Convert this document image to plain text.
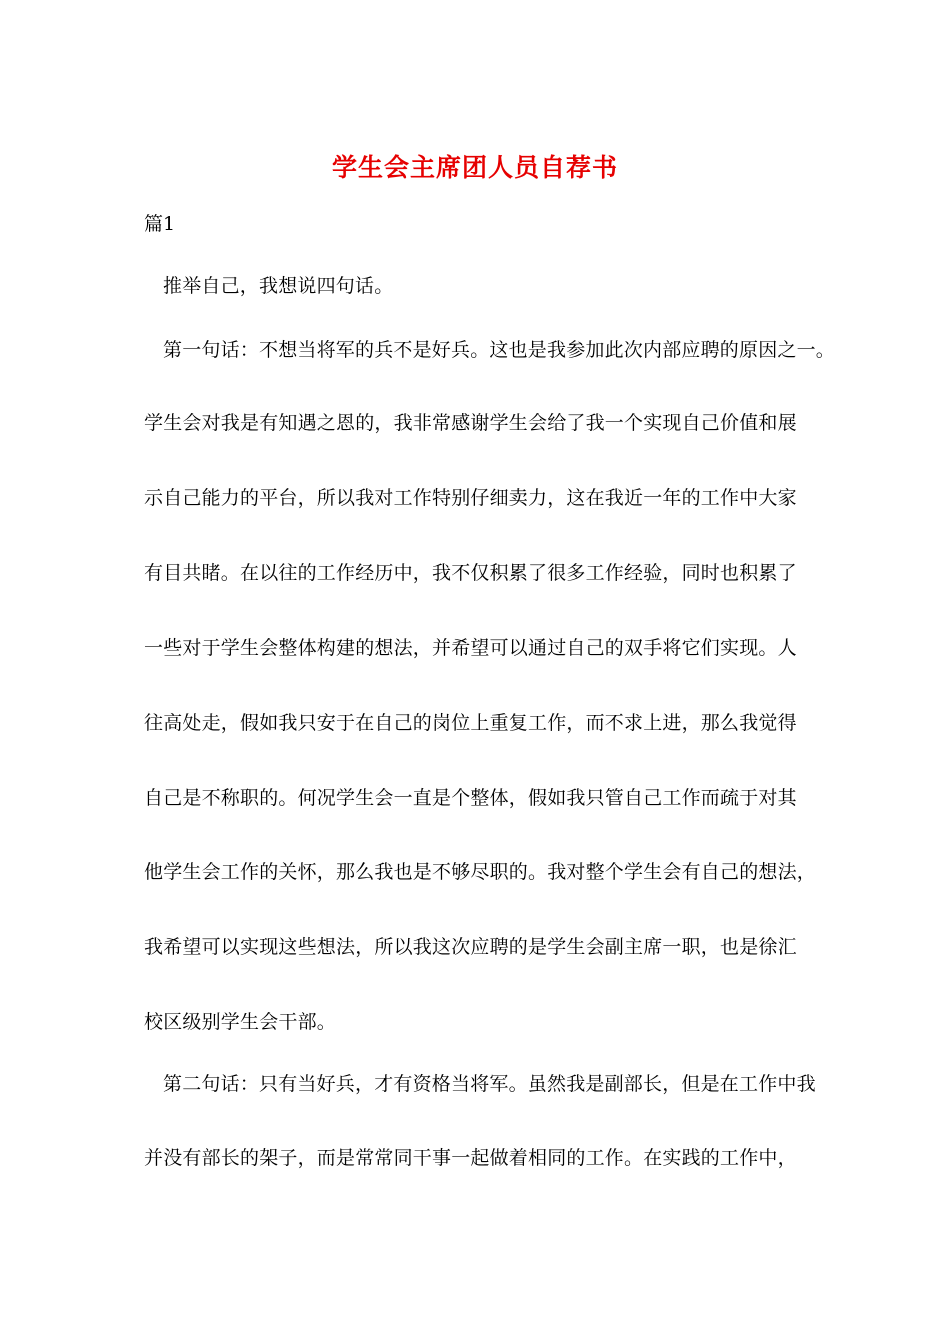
学生会主席团人员自荐书
篇1
推举自己，我想说四句话。
第一句话：不想当将军的兵不是好兵。这也是我参加此次内部应聘的原因之一。
学生会对我是有知遇之恩的，我非常感谢学生会给了我一个实现自己价值和展
示自己能力的平台，所以我对工作特别仔细卖力，这在我近一年的工作中大家
有目共睹。在以往的工作经历中，我不仅积累了很多工作经验，同时也积累了
一些对于学生会整体构建的想法，并希望可以通过自己的双手将它们实现。人
往高处走，假如我只安于在自己的岗位上重复工作，而不求上进，那么我觉得
自己是不称职的。何况学生会一直是个整体，假如我只管自己工作而疏于对其
他学生会工作的关怀，那么我也是不够尽职的。我对整个学生会有自己的想法，
我希望可以实现这些想法，所以我这次应聘的是学生会副主席一职，也是徐汇
校区级别学生会干部。
第二句话：只有当好兵，才有资格当将军。虽然我是副部长，但是在工作中我
并没有部长的架子，而是常常同干事一起做着相同的工作。在实践的工作中，
